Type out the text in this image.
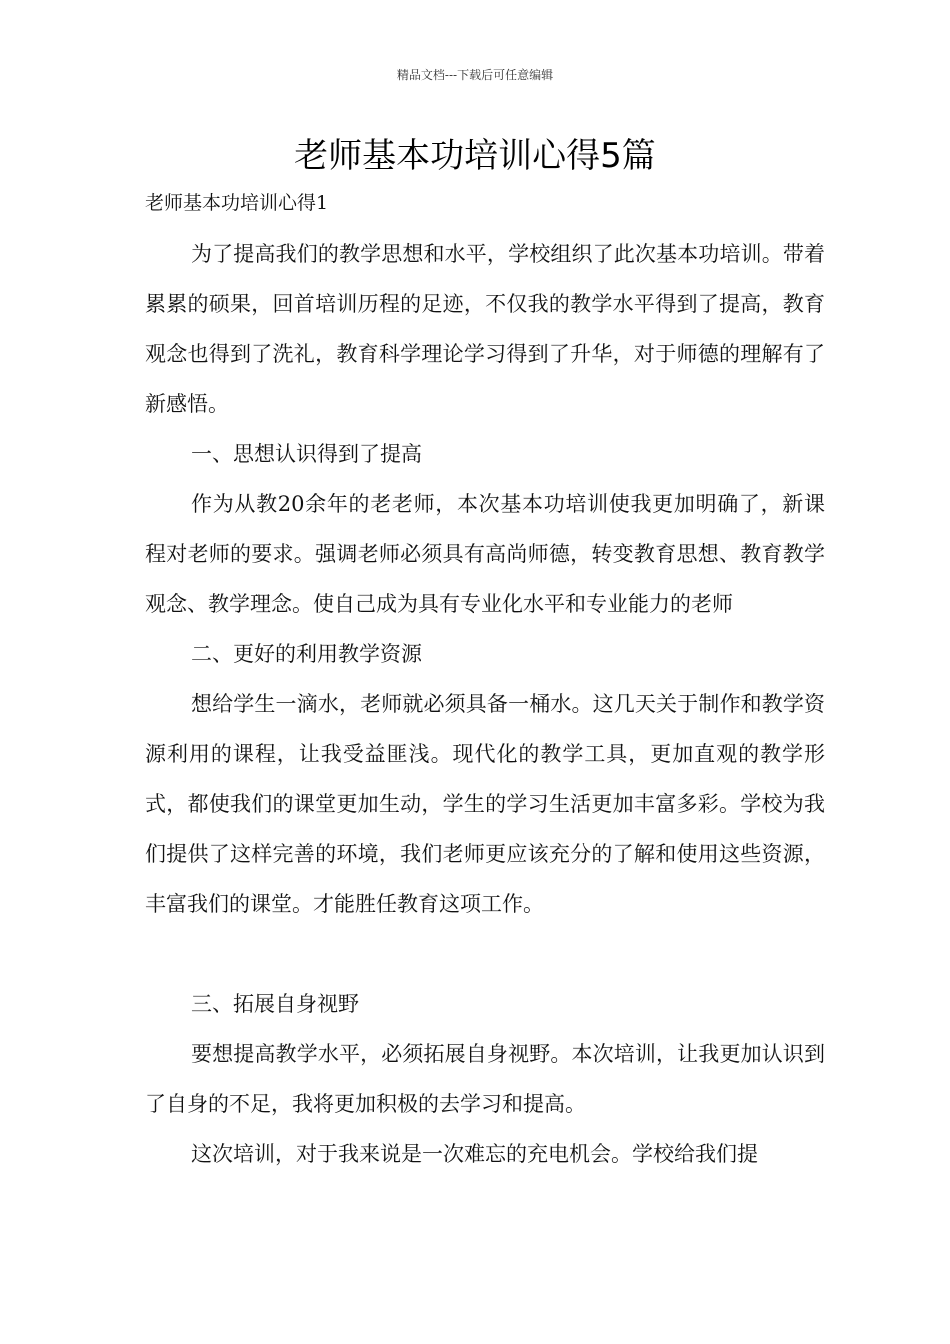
精品文档---下载后可任意编辑
老师基本功培训心得5篇
老师基本功培训心得1

为了提高我们的教学思想和水平，学校组织了此次基本功培训。带着累累的硕果，回首培训历程的足迹，不仅我的教学水平得到了提高，教育观念也得到了洗礼，教育科学理论学习得到了升华，对于师德的理解有了新感悟。

一、思想认识得到了提高

作为从教20余年的老老师，本次基本功培训使我更加明确了，新课程对老师的要求。强调老师必须具有高尚师德，转变教育思想、教育教学观念、教学理念。使自己成为具有专业化水平和专业能力的老师

二、更好的利用教学资源

想给学生一滴水，老师就必须具备一桶水。这几天关于制作和教学资源利用的课程，让我受益匪浅。现代化的教学工具，更加直观的教学形式，都使我们的课堂更加生动，学生的学习生活更加丰富多彩。学校为我们提供了这样完善的环境，我们老师更应该充分的了解和使用这些资源，丰富我们的课堂。才能胜任教育这项工作。

三、拓展自身视野

要想提高教学水平，必须拓展自身视野。本次培训，让我更加认识到了自身的不足，我将更加积极的去学习和提高。

这次培训，对于我来说是一次难忘的充电机会。学校给我们提
